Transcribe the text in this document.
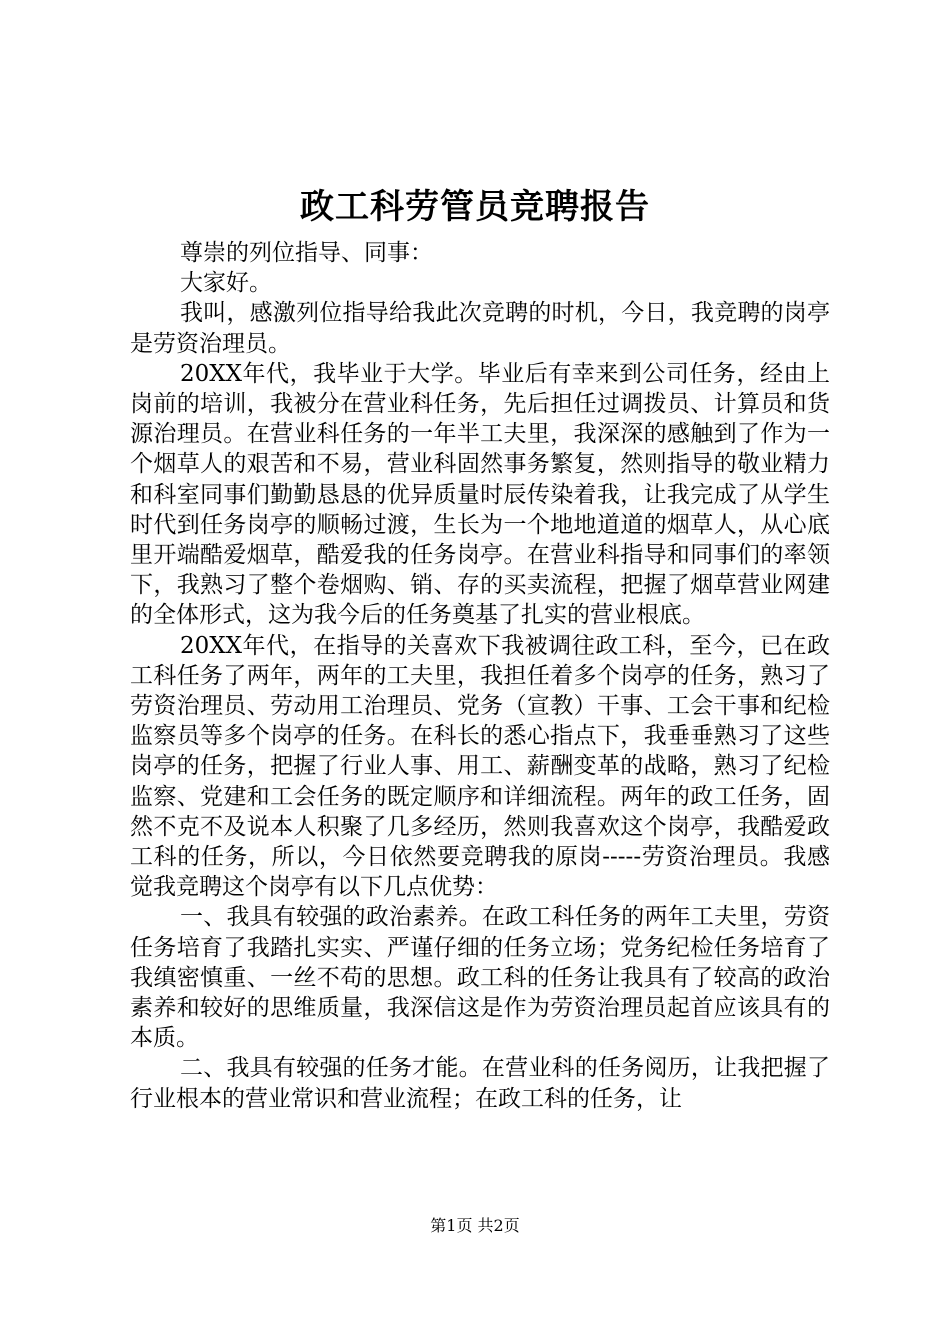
政工科劳管员竞聘报告

尊崇的列位指导、同事：

大家好。

我叫，感激列位指导给我此次竞聘的时机，今日，我竞聘的岗亭是劳资治理员。

20XX年代，我毕业于大学。毕业后有幸来到公司任务，经由上岗前的培训，我被分在营业科任务，先后担任过调拨员、计算员和货源治理员。在营业科任务的一年半工夫里，我深深的感触到了作为一个烟草人的艰苦和不易，营业科固然事务繁复，然则指导的敬业精力和科室同事们勤勤恳恳的优异质量时辰传染着我，让我完成了从学生时代到任务岗亭的顺畅过渡，生长为一个地地道道的烟草人，从心底里开端酷爱烟草，酷爱我的任务岗亭。在营业科指导和同事们的率领下，我熟习了整个卷烟购、销、存的买卖流程，把握了烟草营业网建的全体形式，这为我今后的任务奠基了扎实的营业根底。

20XX年代，在指导的关喜欢下我被调往政工科，至今，已在政工科任务了两年，两年的工夫里，我担任着多个岗亭的任务，熟习了劳资治理员、劳动用工治理员、党务（宣教）干事、工会干事和纪检监察员等多个岗亭的任务。在科长的悉心指点下，我垂垂熟习了这些岗亭的任务，把握了行业人事、用工、薪酬变革的战略，熟习了纪检监察、党建和工会任务的既定顺序和详细流程。两年的政工任务，固然不克不及说本人积聚了几多经历，然则我喜欢这个岗亭，我酷爱政工科的任务，所以，今日依然要竞聘我的原岗-----劳资治理员。我感觉我竞聘这个岗亭有以下几点优势：

一、我具有较强的政治素养。在政工科任务的两年工夫里，劳资任务培育了我踏扎实实、严谨仔细的任务立场；党务纪检任务培育了我缜密慎重、一丝不苟的思想。政工科的任务让我具有了较高的政治素养和较好的思维质量，我深信这是作为劳资治理员起首应该具有的本质。

二、我具有较强的任务才能。在营业科的任务阅历，让我把握了行业根本的营业常识和营业流程；在政工科的任务，让

第1页 共2页
